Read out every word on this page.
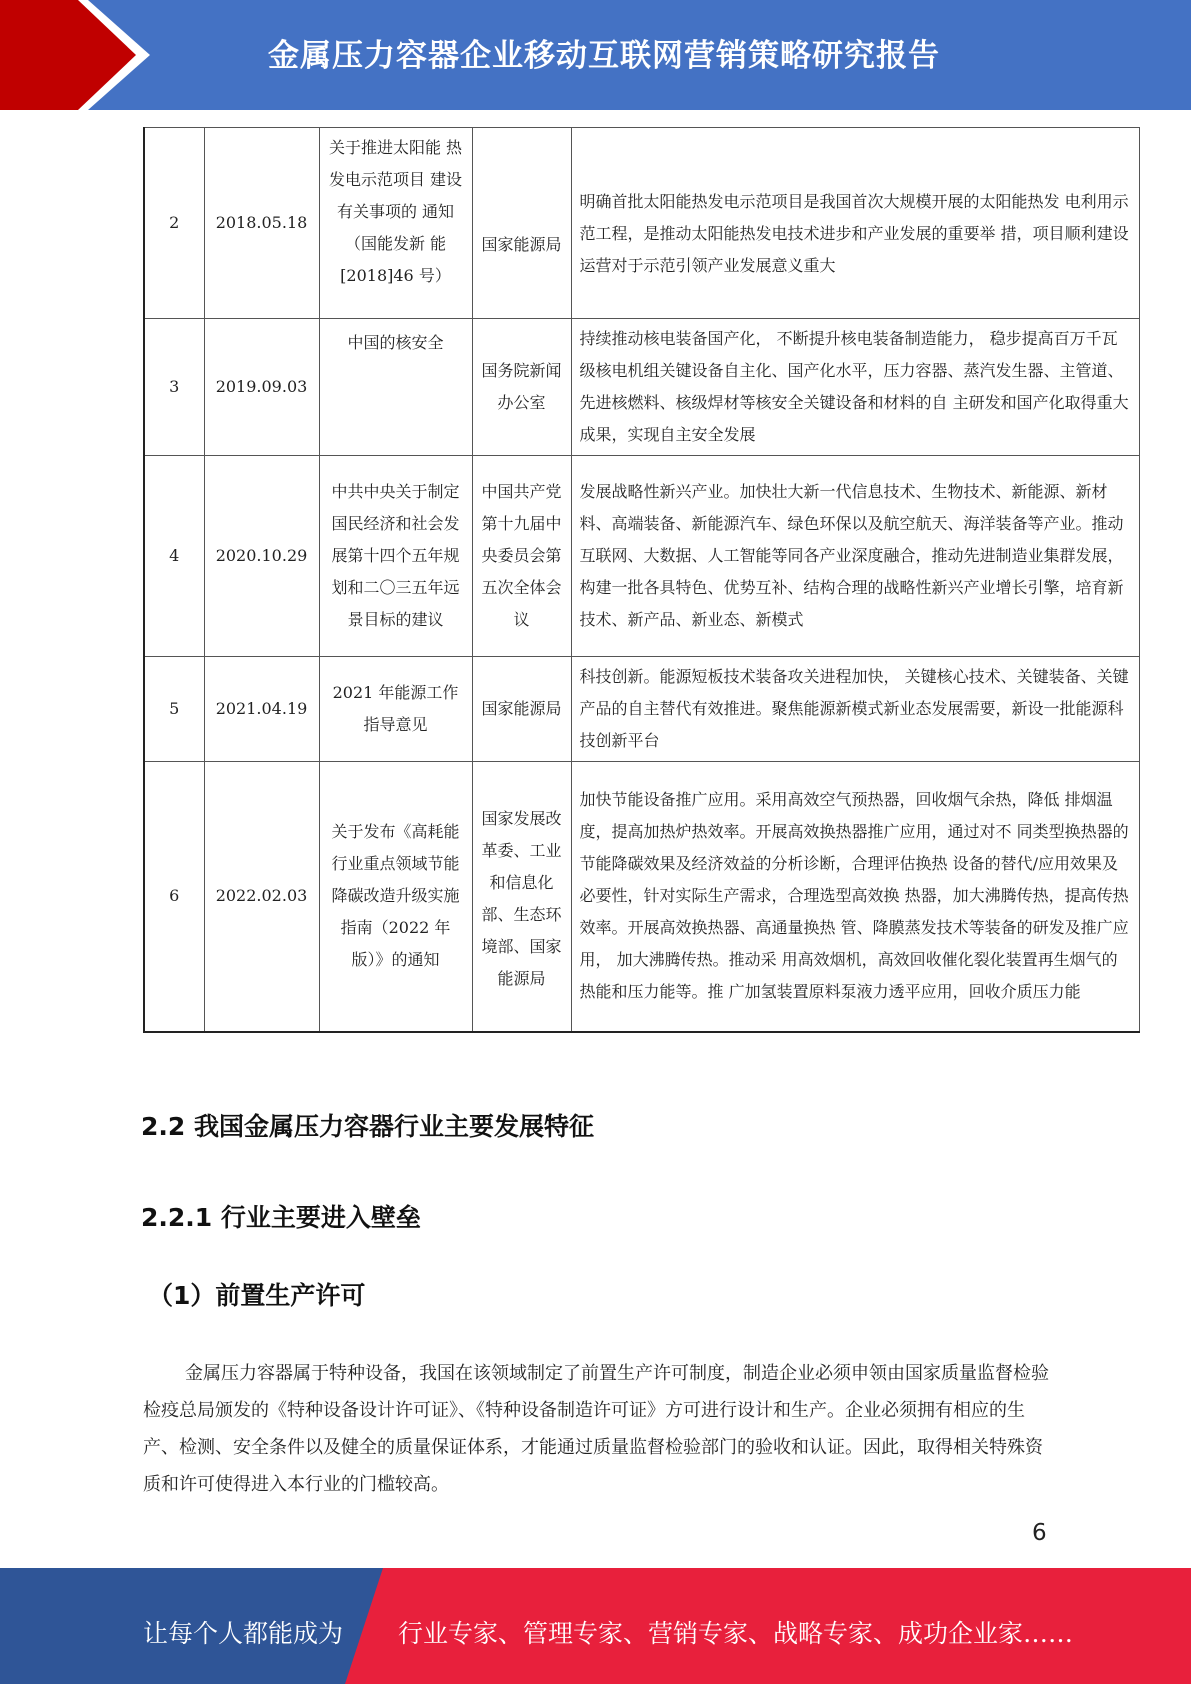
金属压力容器企业移动互联网营销策略研究报告
2	2018.05.18	关于推进太阳能 热发电示范项目 建设有关事项的 通知（国能发新 能[2018]46 号）	国家能源局	明确首批太阳能热发电示范项目是我国首次大规模开展的太阳能热发 电利用示范工程，是推动太阳能热发电技术进步和产业发展的重要举 措，项目顺利建设运营对于示范引领产业发展意义重大
3	2019.09.03	中国的核安全	国务院新闻办公室	持续推动核电装备国产化， 不断提升核电装备制造能力， 稳步提高百万千瓦级核电机组关键设备自主化、国产化水平，压力容器、蒸汽发生器、主管道、先进核燃料、核级焊材等核安全关键设备和材料的自 主研发和国产化取得重大成果，实现自主安全发展
4	2020.10.29	中共中央关于制定国民经济和社会发展第十四个五年规划和二〇三五年远景目标的建议	中国共产党第十九届中央委员会第五次全体会议	发展战略性新兴产业。加快壮大新一代信息技术、生物技术、新能源、新材料、高端装备、新能源汽车、绿色环保以及航空航天、海洋装备等产业。推动互联网、大数据、人工智能等同各产业深度融合，推动先进制造业集群发展，构建一批各具特色、优势互补、结构合理的战略性新兴产业增长引擎，培育新技术、新产品、新业态、新模式
5	2021.04.19	2021 年能源工作 指导意见	国家能源局	科技创新。能源短板技术装备攻关进程加快， 关键核心技术、关键装备、关键产品的自主替代有效推进。聚焦能源新模式新业态发展需要，新设一批能源科技创新平台
6	2022.02.03	关于发布《高耗能行业重点领域节能降碳改造升级实施指南（2022 年版）》的通知	国家发展改革委、工业和信息化部、生态环境部、国家能源局	加快节能设备推广应用。采用高效空气预热器，回收烟气余热，降低 排烟温度，提高加热炉热效率。开展高效换热器推广应用，通过对不 同类型换热器的节能降碳效果及经济效益的分析诊断，合理评估换热 设备的替代/应用效果及必要性，针对实际生产需求，合理选型高效换 热器，加大沸腾传热，提高传热效率。开展高效换热器、高通量换热 管、降膜蒸发技术等装备的研发及推广应用， 加大沸腾传热。推动采 用高效烟机，高效回收催化裂化装置再生烟气的热能和压力能等。推 广加氢装置原料泵液力透平应用，回收介质压力能
2.2 我国金属压力容器行业主要发展特征
2.2.1 行业主要进入壁垒
（1）前置生产许可
金属压力容器属于特种设备，我国在该领域制定了前置生产许可制度，制造企业必须申领由国家质量监督检验检疫总局颁发的《特种设备设计许可证》、《特种设备制造许可证》方可进行设计和生产。企业必须拥有相应的生产、检测、安全条件以及健全的质量保证体系，才能通过质量监督检验部门的验收和认证。因此，取得相关特殊资质和许可使得进入本行业的门槛较高。
6
让每个人都能成为 行业专家、管理专家、营销专家、战略专家、成功企业家……
